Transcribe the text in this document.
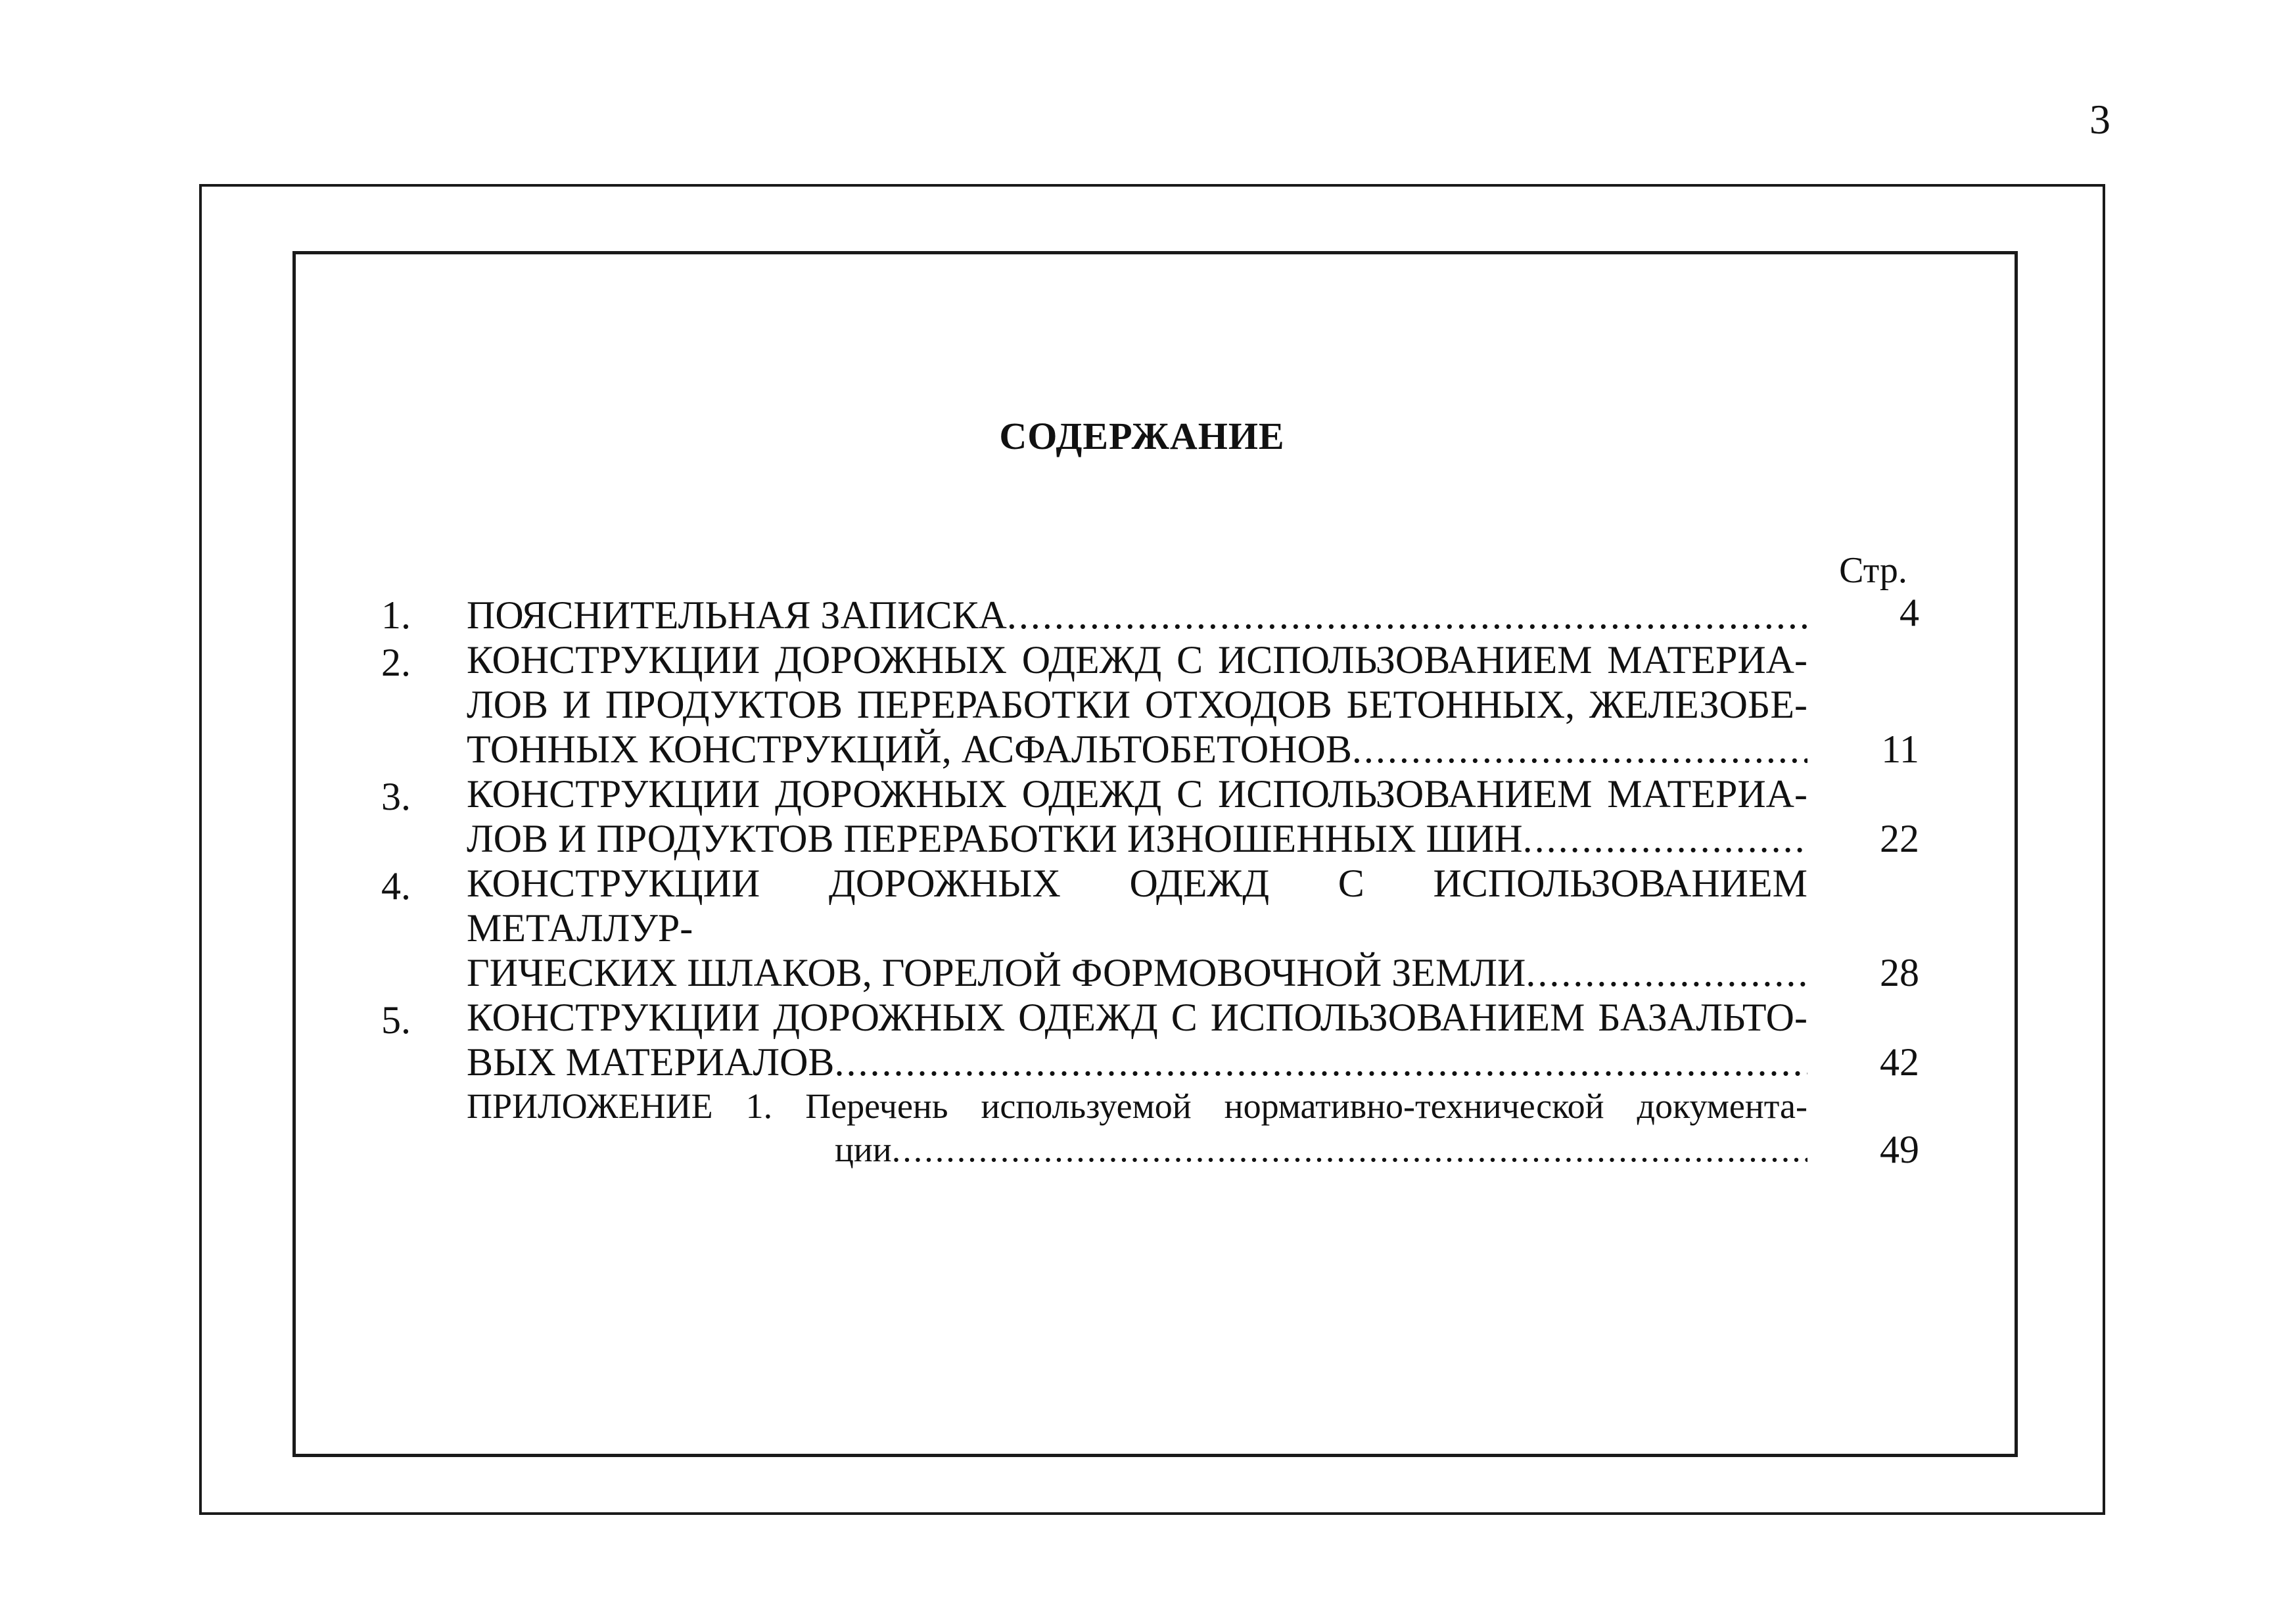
3
СОДЕРЖАНИЕ
Стр.
1.	ПОЯСНИТЕЛЬНАЯ ЗАПИСКА .....	4
2.	КОНСТРУКЦИИ ДОРОЖНЫХ ОДЕЖД С ИСПОЛЬЗОВАНИЕМ МАТЕРИА-
ЛОВ И ПРОДУКТОВ ПЕРЕРАБОТКИ ОТХОДОВ БЕТОННЫХ, ЖЕЛЕЗОБЕ-
ТОННЫХ КОНСТРУКЦИЙ, АСФАЛЬТОБЕТОНОВ .....	11
3.	КОНСТРУКЦИИ ДОРОЖНЫХ ОДЕЖД С ИСПОЛЬЗОВАНИЕМ МАТЕРИА-
ЛОВ И ПРОДУКТОВ ПЕРЕРАБОТКИ ИЗНОШЕННЫХ ШИН .....	22
4.	КОНСТРУКЦИИ ДОРОЖНЫХ ОДЕЖД С ИСПОЛЬЗОВАНИЕМ МЕТАЛЛУР-
ГИЧЕСКИХ ШЛАКОВ, ГОРЕЛОЙ ФОРМОВОЧНОЙ ЗЕМЛИ .....	28
5.	КОНСТРУКЦИИ ДОРОЖНЫХ ОДЕЖД С ИСПОЛЬЗОВАНИЕМ БАЗАЛЬТО-
ВЫХ МАТЕРИАЛОВ .....	42
ПРИЛОЖЕНИЕ 1. Перечень используемой нормативно-технической документа-
ции .....	49
